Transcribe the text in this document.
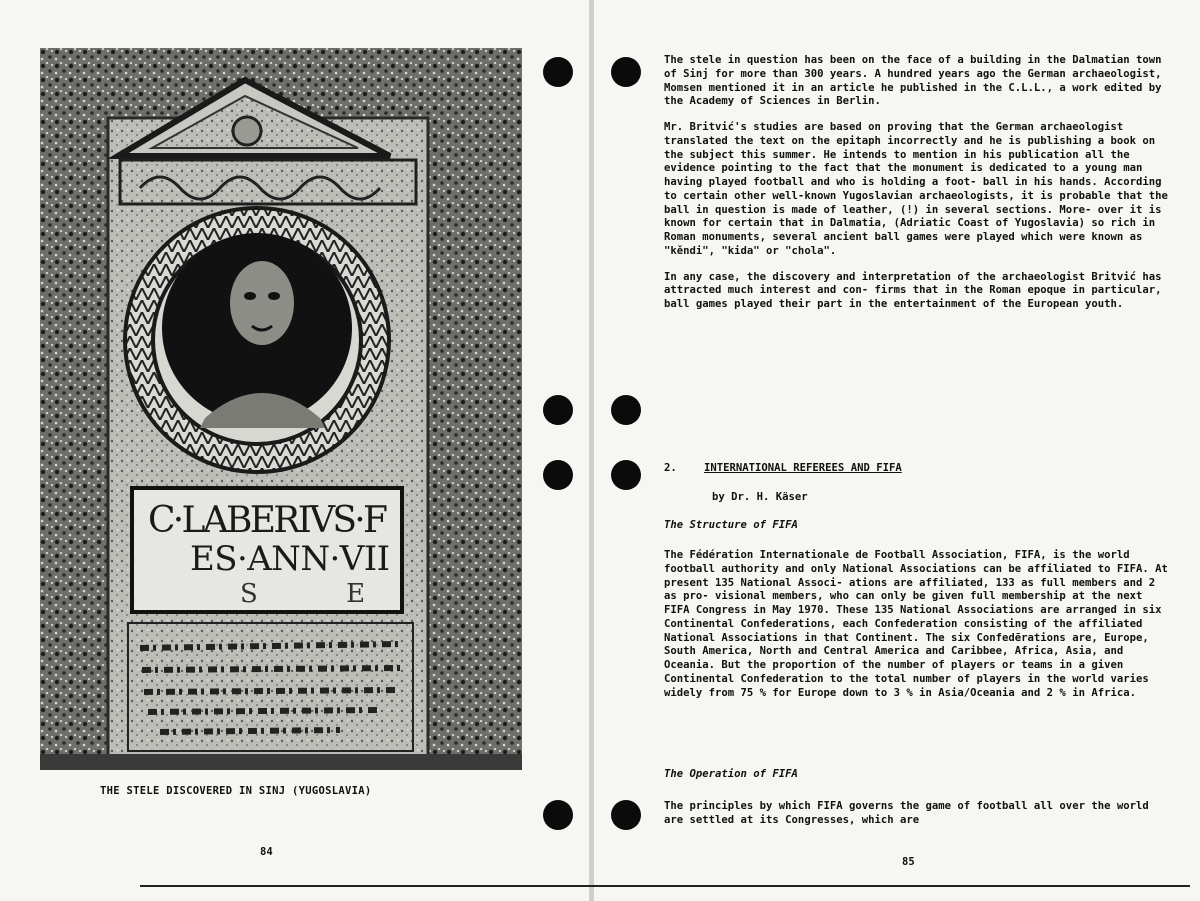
C·LABERIVS·F
ES·ANN·VII
S E
THE STELE DISCOVERED IN SINJ (YUGOSLAVIA)
84
85

The stele in question has been on the face of a building in the Dalmatian town of Sinj for more than 300 years. A hundred years ago the German archaeologist, Momsen mentioned it in an article he published in the C.L.L., a work edited by the Academy of Sciences in Berlin.

Mr. Britvić's studies are based on proving that the German archaeologist translated the text on the epitaph incorrectly and he is publishing a book on the subject this summer. He intends to mention in his publication all the evidence pointing to the fact that the monument is dedicated to a young man having played football and who is holding a foot- ball in his hands. According to certain other well-known Yugoslavian archaeologists, it is probable that the ball in question is made of leather, (!) in several sections. More- over it is known for certain that in Dalmatia, (Adriatic Coast of Yugoslavia) so rich in Roman monuments, several ancient ball games were played which were known as "kěndi", "kida" or "chola".

In any case, the discovery and interpretation of the archaeologist Britvić has attracted much interest and con- firms that in the Roman epoque in particular, ball games played their part in the entertainment of the European youth.

2.	INTERNATIONAL REFEREES AND FIFA
by Dr. H. Käser
The Structure of FIFA
The Fédération Internationale de Football Association, FIFA, is the world football authority and only National Associations can be affiliated to FIFA. At present 135 National Associ- ations are affiliated, 133 as full members and 2 as pro- visional members, who can only be given full membership at the next FIFA Congress in May 1970. These 135 National Associations are arranged in six Continental Confederations, each Confederation consisting of the affiliated National Associations in that Continent. The six Confedērations are, Europe, South America, North and Central America and Caribbee, Africa, Asia, and Oceania. But the proportion of the number of players or teams in a given Continental Confederation to the total number of players in the world varies widely from 75 % for Europe down to 3 % in Asia/Oceania and 2 % in Africa.
The Operation of FIFA
The principles by which FIFA governs the game of football all over the world are settled at its Congresses, which are
